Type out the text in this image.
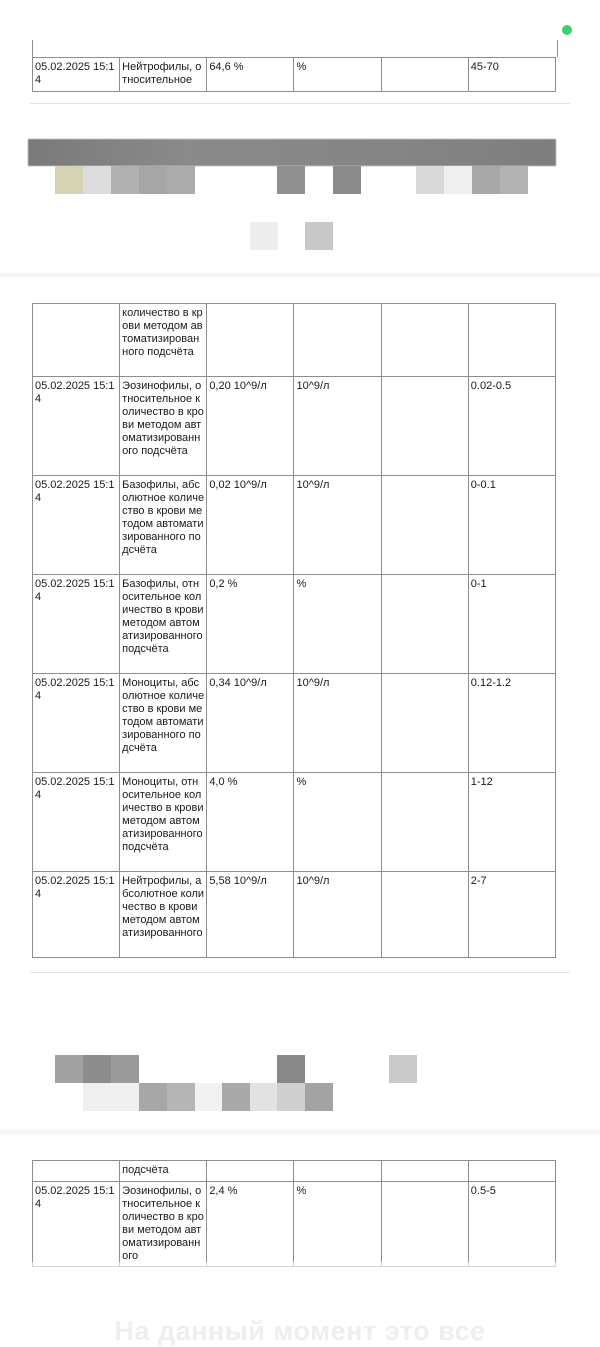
05.02.2025 15:14	Нейтрофилы, относительное	64,6 %	%		45-70
	количество в крови методом автоматизированного подсчёта				
05.02.2025 15:14	Эозинофилы, относительное количество в крови методом автоматизированного подсчёта	0,20 10^9/л	10^9/л		0.02-0.5
05.02.2025 15:14	Базофилы, абсолютное количество в крови методом автоматизированного подсчёта	0,02 10^9/л	10^9/л		0-0.1
05.02.2025 15:14	Базофилы, относительное количество в крови методом автоматизированного подсчёта	0,2 %	%		0-1
05.02.2025 15:14	Моноциты, абсолютное количество в крови методом автоматизированного подсчёта	0,34 10^9/л	10^9/л		0.12-1.2
05.02.2025 15:14	Моноциты, относительное количество в крови методом автоматизированного подсчёта	4,0 %	%		1-12
05.02.2025 15:14	Нейтрофилы, абсолютное количество в крови методом автоматизированного	5,58 10^9/л	10^9/л		2-7
	подсчёта				
05.02.2025 15:14	Эозинофилы, относительное количество в крови методом автоматизированного	2,4 %	%		0.5-5
На данный момент это все
